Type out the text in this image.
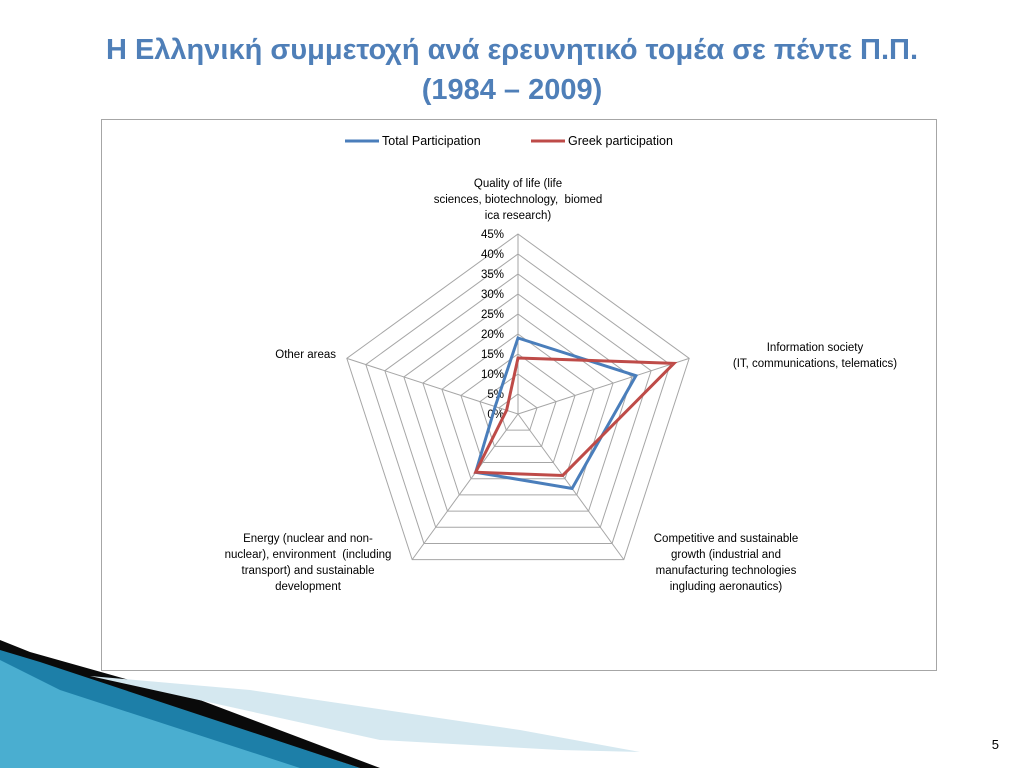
Η Ελληνική συμμετοχή ανά ερευνητικό τομέα σε πέντε Π.Π.
(1984 – 2009)
0%
5%
10%
15%
20%
25%
30%
35%
40%
45%
Total Participation	Greek participation
Quality of life (life
sciences, biotechnology,  biomed
ica research)
Information society
(IT, communications, telematics)
Competitive and sustainable
growth (industrial and
manufacturing technologies
ingluding aeronautics)
Energy (nuclear and non-
nuclear), environment  (including
transport) and sustainable
development
Other areas
5
